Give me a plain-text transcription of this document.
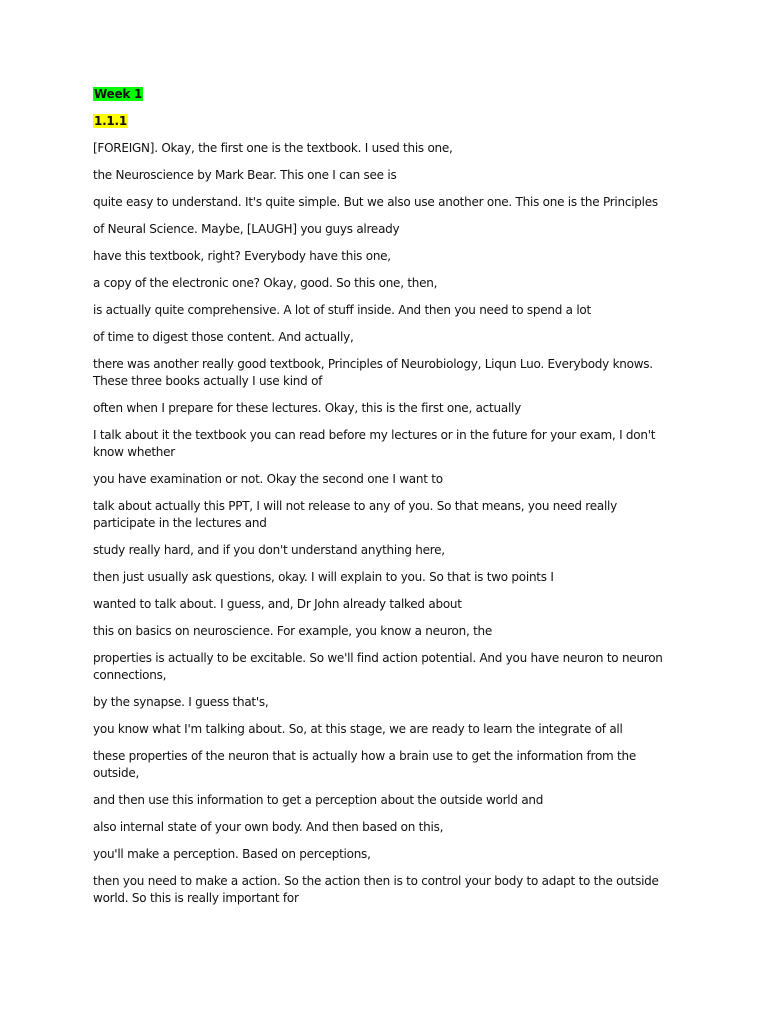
Week 1
1.1.1

[FOREIGN]. Okay, the first one is the textbook. I used this one,

the Neuroscience by Mark Bear. This one I can see is

quite easy to understand. It's quite simple. But we also use another one. This one is the Principles

of Neural Science. Maybe, [LAUGH] you guys already

have this textbook, right? Everybody have this one,

a copy of the electronic one? Okay, good. So this one, then,

is actually quite comprehensive. A lot of stuff inside. And then you need to spend a lot

of time to digest those content. And actually,

there was another really good textbook, Principles of Neurobiology, Liqun Luo. Everybody knows. These three books actually I use kind of

often when I prepare for these lectures. Okay, this is the first one, actually

I talk about it the textbook you can read before my lectures or in the future for your exam, I don't know whether

you have examination or not. Okay the second one I want to

talk about actually this PPT, I will not release to any of you. So that means, you need really participate in the lectures and

study really hard, and if you don't understand anything here,

then just usually ask questions, okay. I will explain to you. So that is two points I

wanted to talk about. I guess, and, Dr John already talked about

this on basics on neuroscience. For example, you know a neuron, the

properties is actually to be excitable. So we'll find action potential. And you have neuron to neuron connections,

by the synapse. I guess that's,

you know what I'm talking about. So, at this stage, we are ready to learn the integrate of all

these properties of the neuron that is actually how a brain use to get the information from the outside,

and then use this information to get a perception about the outside world and

also internal state of your own body. And then based on this,

you'll make a perception. Based on perceptions,

then you need to make a action. So the action then is to control your body to adapt to the outside world. So this is really important for
